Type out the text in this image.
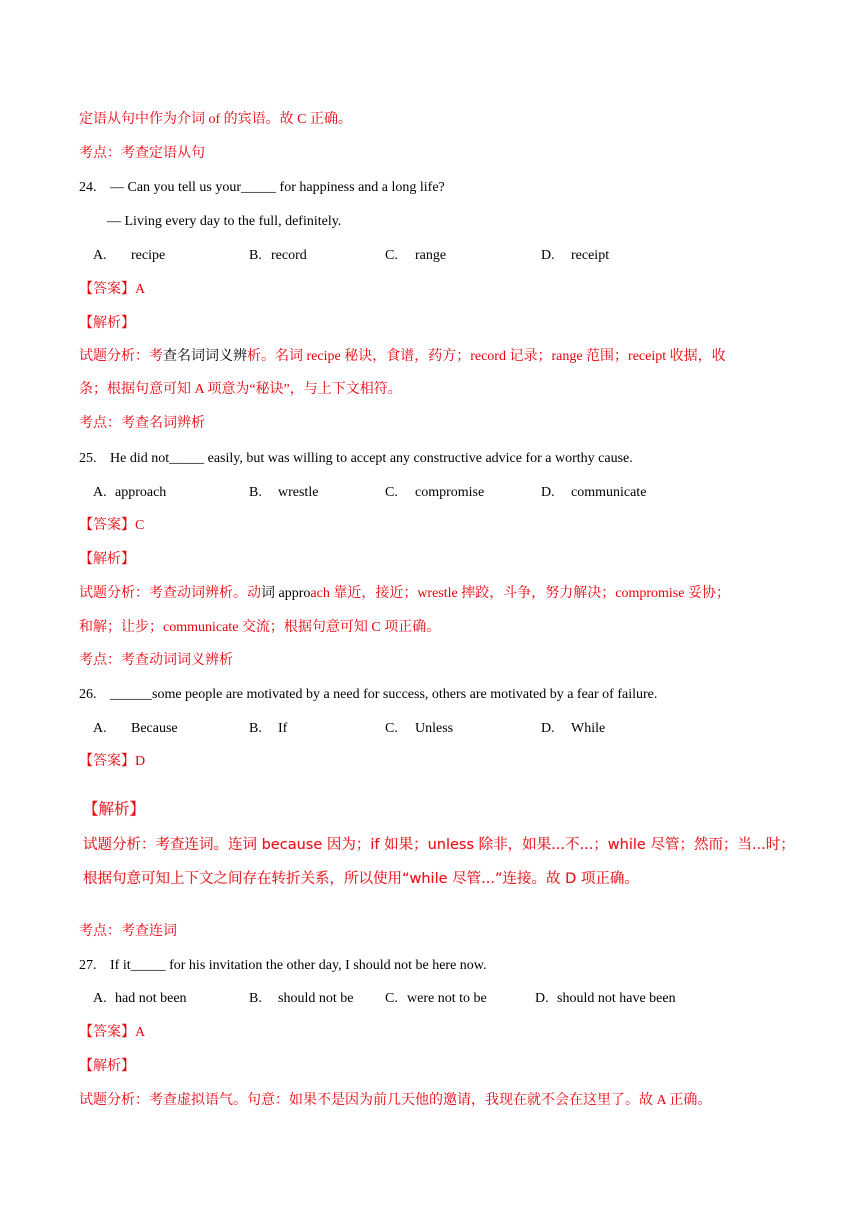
定语从句中作为介词 of 的宾语。故 C 正确。
考点：考查定语从句
24. — Can you tell us your_____ for happiness and a long life?
— Living every day to the full, definitely.
A. recipe	B. record	C. range	D. receipt
【答案】A
【解析】
试题分析：考查名词词义辨析。名词 recipe 秘诀，食谱，药方；record 记录；range 范围；receipt 收据，收
条；根据句意可知 A 项意为“秘诀”，与上下文相符。
考点：考查名词辨析
25. He did not_____ easily, but was willing to accept any constructive advice for a worthy cause.
A. approach	B. wrestle	C. compromise	D. communicate
【答案】C
【解析】
试题分析：考查动词辨析。动词 approach 靠近，接近；wrestle 摔跤，斗争，努力解决；compromise 妥协；
和解；让步；communicate 交流；根据句意可知 C 项正确。
考点：考查动词词义辨析
26. ______some people are motivated by a need for success, others are motivated by a fear of failure.
A. Because	B. If	C. Unless	D. While
【答案】D
【解析】
试题分析：考查连词。连词 because 因为；if 如果；unless 除非，如果...不...；while 尽管；然而；当...时；
根据句意可知上下文之间存在转折关系，所以使用“while 尽管...”连接。故 D 项正确。
考点：考查连词
27. If it_____ for his invitation the other day, I should not be here now.
A. had not been	B. should not be C. were not to be	D. should not have been
【答案】A
【解析】
试题分析：考查虚拟语气。句意：如果不是因为前几天他的邀请，我现在就不会在这里了。故 A 正确。
